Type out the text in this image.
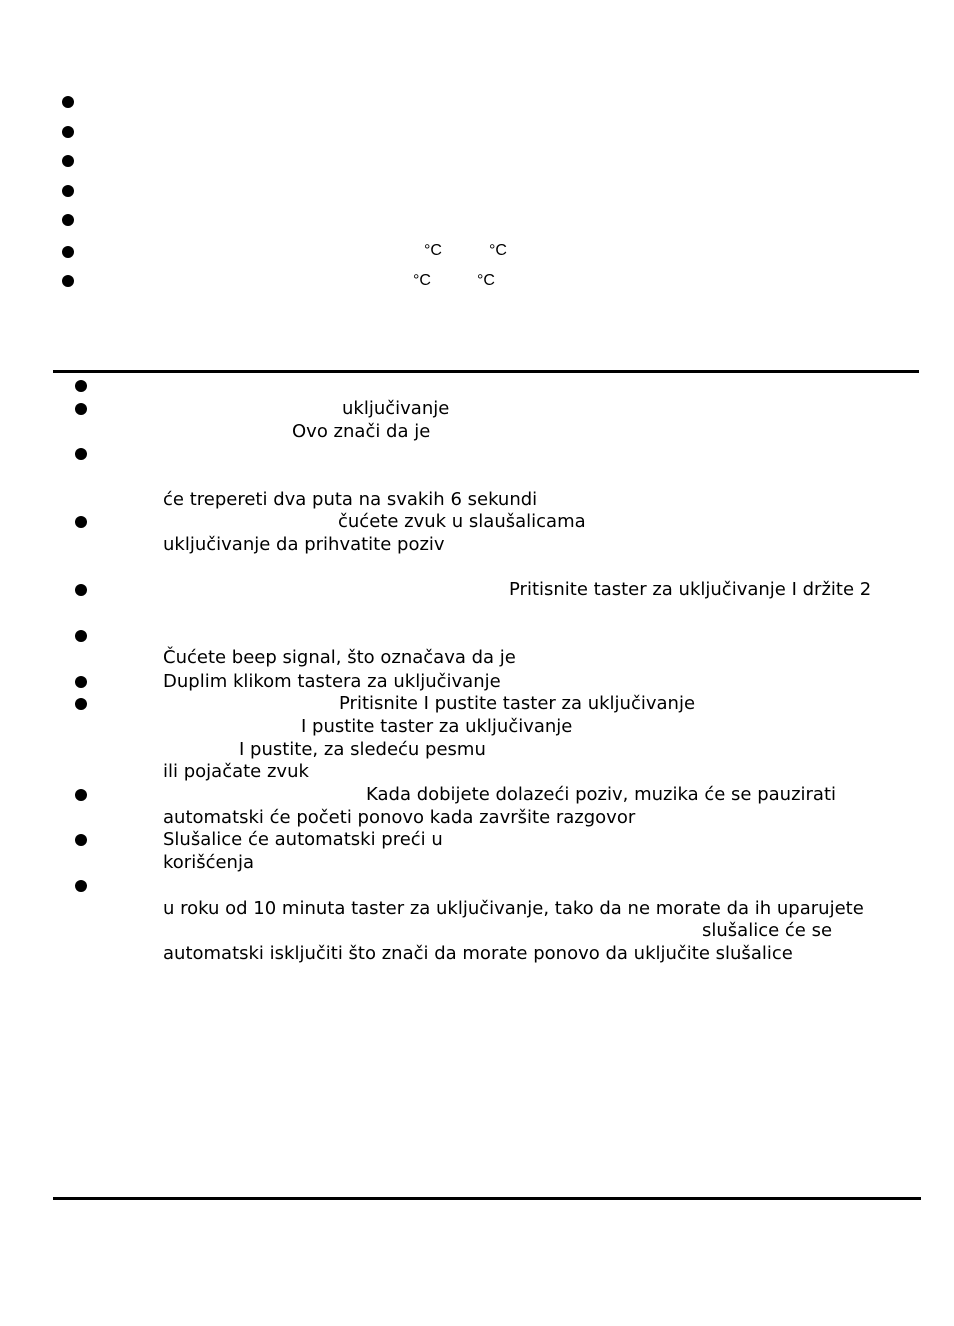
°C	°C
°C	°C
uključivanje
Ovo znači da je
će trepereti dva puta na svakih 6 sekundi
čućete zvuk u slaušalicama
uključivanje da prihvatite poziv
Pritisnite taster za uključivanje I držite 2
Čućete beep signal, što označava da je
Duplim klikom tastera za uključivanje
Pritisnite I pustite taster za uključivanje
I pustite taster za uključivanje
I pustite, za sledeću pesmu
ili pojačate zvuk
Kada dobijete dolazeći poziv, muzika će se pauzirati
automatski će početi ponovo kada završite razgovor
Slušalice će automatski preći u
korišćenja
u roku od 10 minuta taster za uključivanje, tako da ne morate da ih uparujete
slušalice će se
automatski isključiti što znači da morate ponovo da uključite slušalice
